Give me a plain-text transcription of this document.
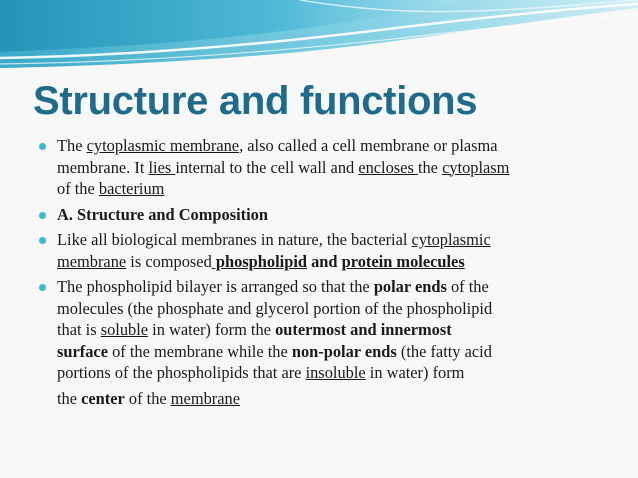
Structure and functions
The cytoplasmic membrane, also called a cell membrane or plasma
membrane. It lies internal to the cell wall and encloses the cytoplasm
of the bacterium
A. Structure and Composition
Like all biological membranes in nature, the bacterial cytoplasmic
membrane is composed phospholipid and protein molecules
The phospholipid bilayer is arranged so that the polar ends of the
molecules (the phosphate and glycerol portion of the phospholipid
that is soluble in water) form the outermost and innermost
surface of the membrane while the non-polar ends (the fatty acid
portions of the phospholipids that are insoluble in water) form
the center of the membrane
